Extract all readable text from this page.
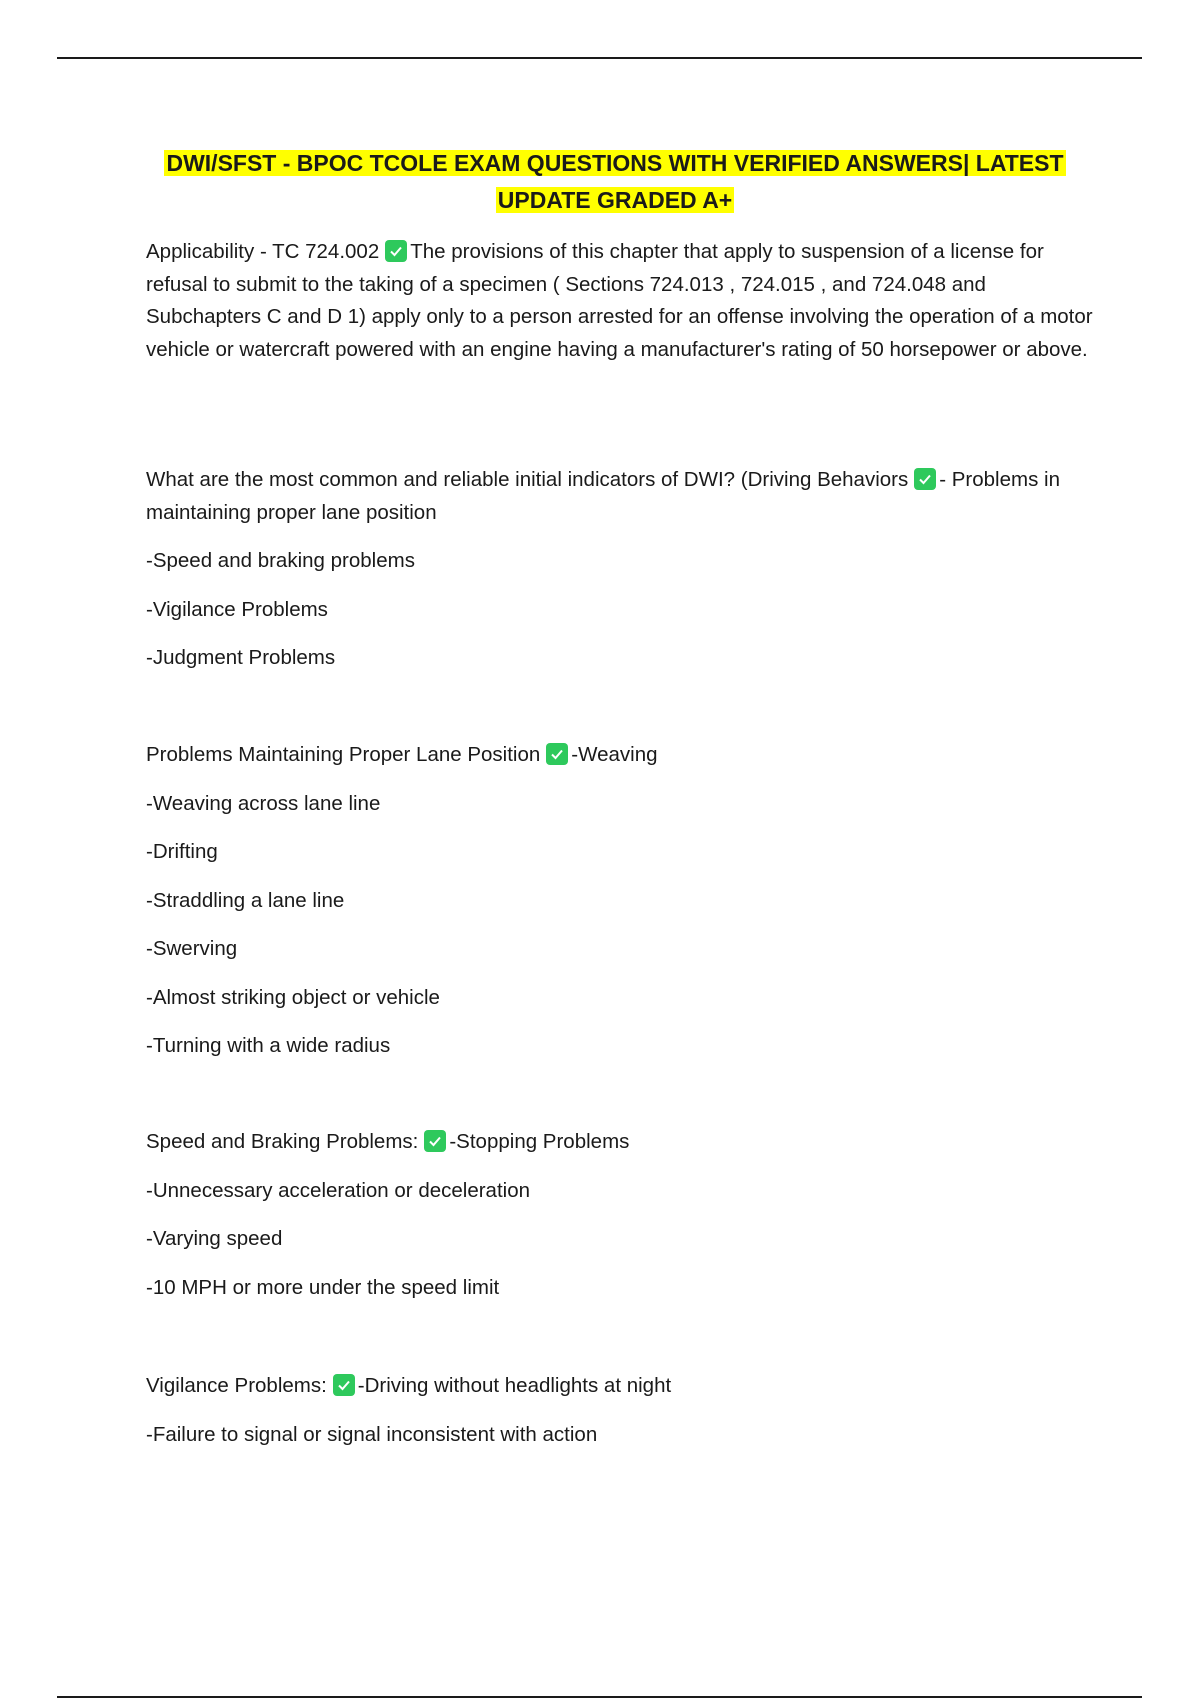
DWI/SFST - BPOC TCOLE EXAM QUESTIONS WITH VERIFIED ANSWERS| LATEST
UPDATE GRADED A+

Applicability - TC 724.002 The provisions of this chapter that apply to suspension of a license for refusal to submit to the taking of a specimen ( Sections 724.013 , 724.015 , and 724.048 and Subchapters C and D 1) apply only to a person arrested for an offense involving the operation of a motor vehicle or watercraft powered with an engine having a manufacturer's rating of 50 horsepower or above.

What are the most common and reliable initial indicators of DWI? (Driving Behaviors - Problems in maintaining proper lane position

-Speed and braking problems

-Vigilance Problems

-Judgment Problems

Problems Maintaining Proper Lane Position -Weaving

-Weaving across lane line

-Drifting

-Straddling a lane line

-Swerving

-Almost striking object or vehicle

-Turning with a wide radius

Speed and Braking Problems: -Stopping Problems

-Unnecessary acceleration or deceleration

-Varying speed

-10 MPH or more under the speed limit

Vigilance Problems: -Driving without headlights at night

-Failure to signal or signal inconsistent with action
